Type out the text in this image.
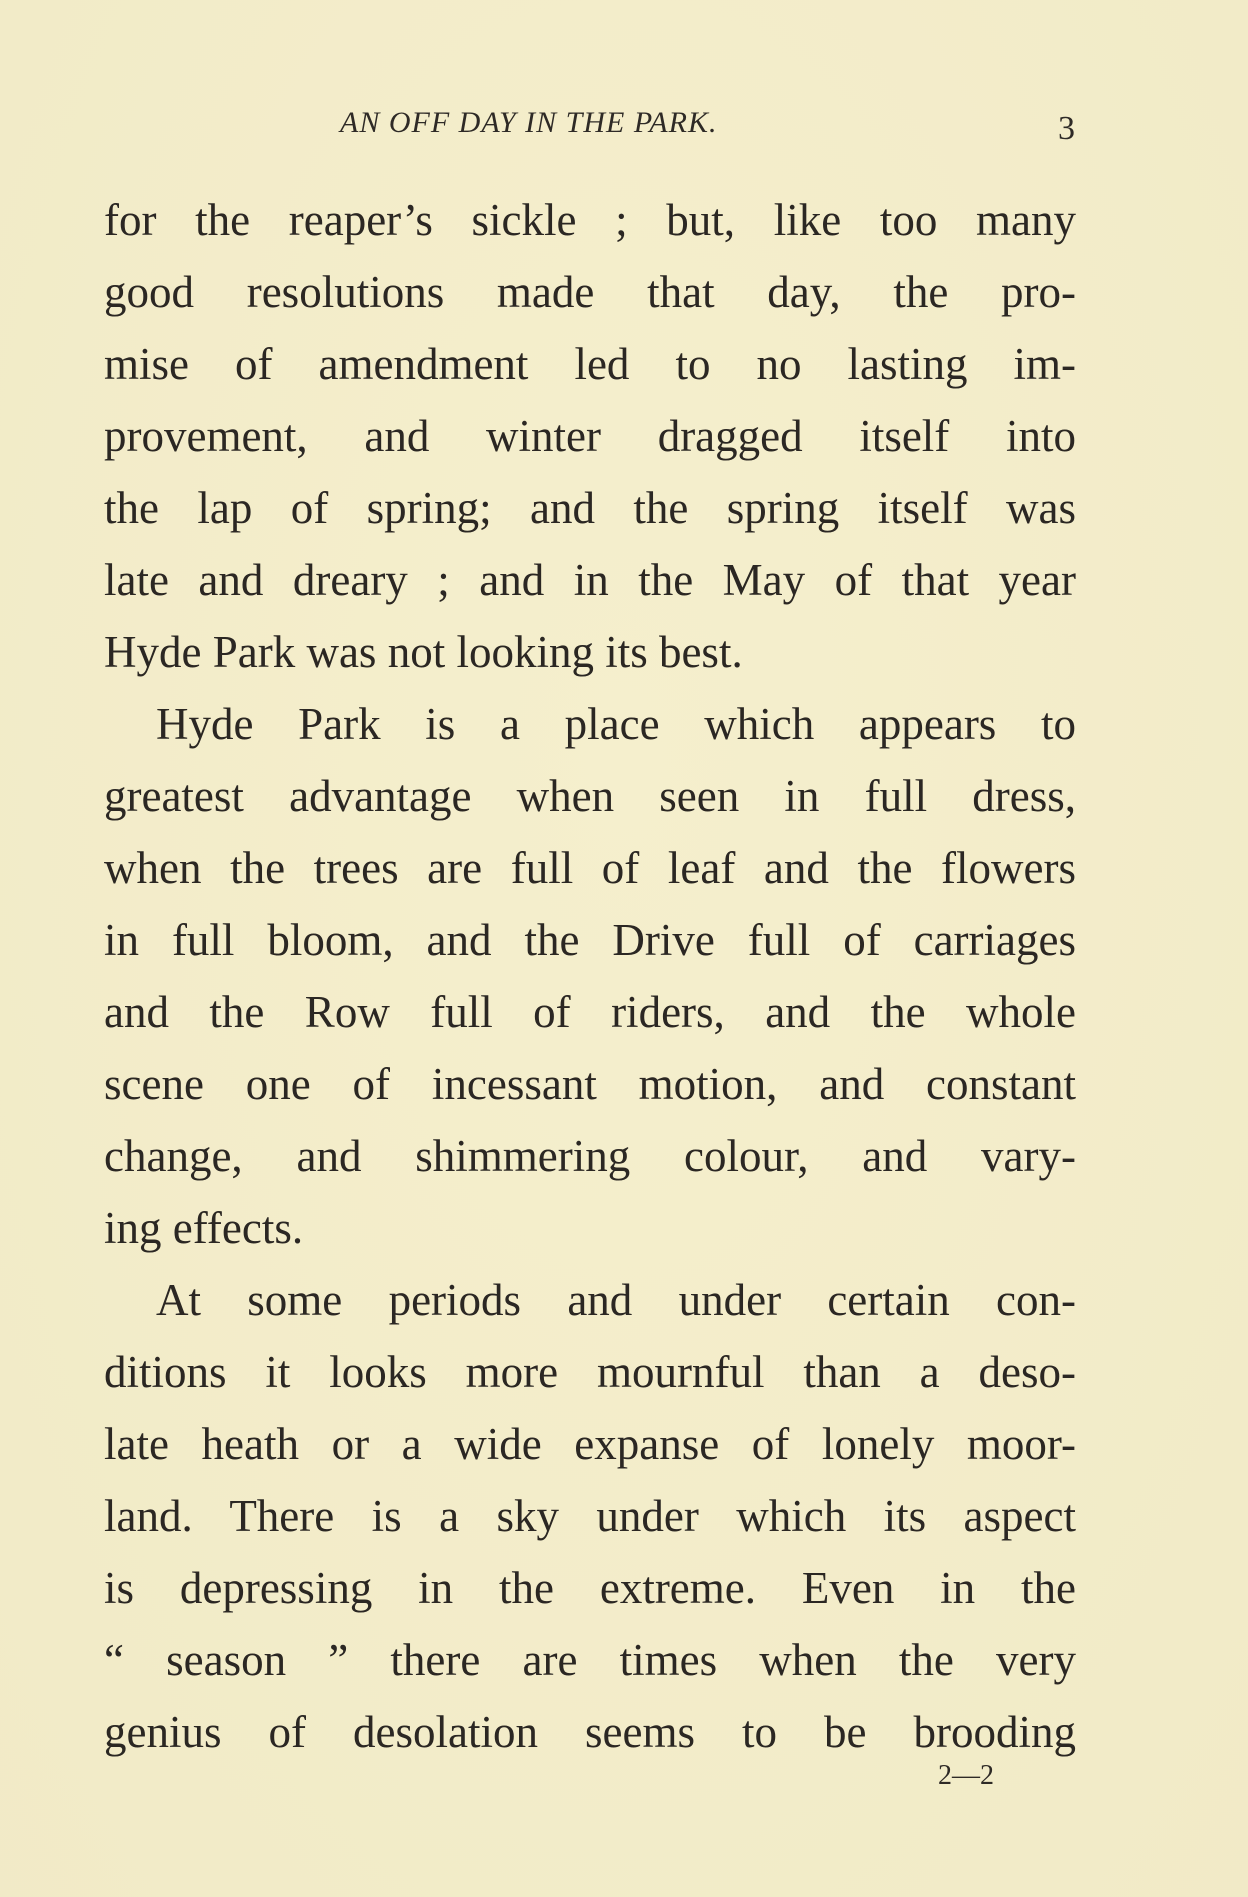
AN OFF DAY IN THE PARK.	3
for the reaper’s sickle ; but, like too many
good resolutions made that day, the pro-
mise of amendment led to no lasting im-
provement, and winter dragged itself into
the lap of spring; and the spring itself was
late and dreary ; and in the May of that year
Hyde Park was not looking its best.
Hyde Park is a place which appears to
greatest advantage when seen in full dress,
when the trees are full of leaf and the flowers
in full bloom, and the Drive full of carriages
and the Row full of riders, and the whole
scene one of incessant motion, and constant
change, and shimmering colour, and vary-
ing effects.
At some periods and under certain con-
ditions it looks more mournful than a deso-
late heath or a wide expanse of lonely moor-
land. There is a sky under which its aspect
is depressing in the extreme. Even in the
“ season ” there are times when the very
genius of desolation seems to be brooding
2—2
